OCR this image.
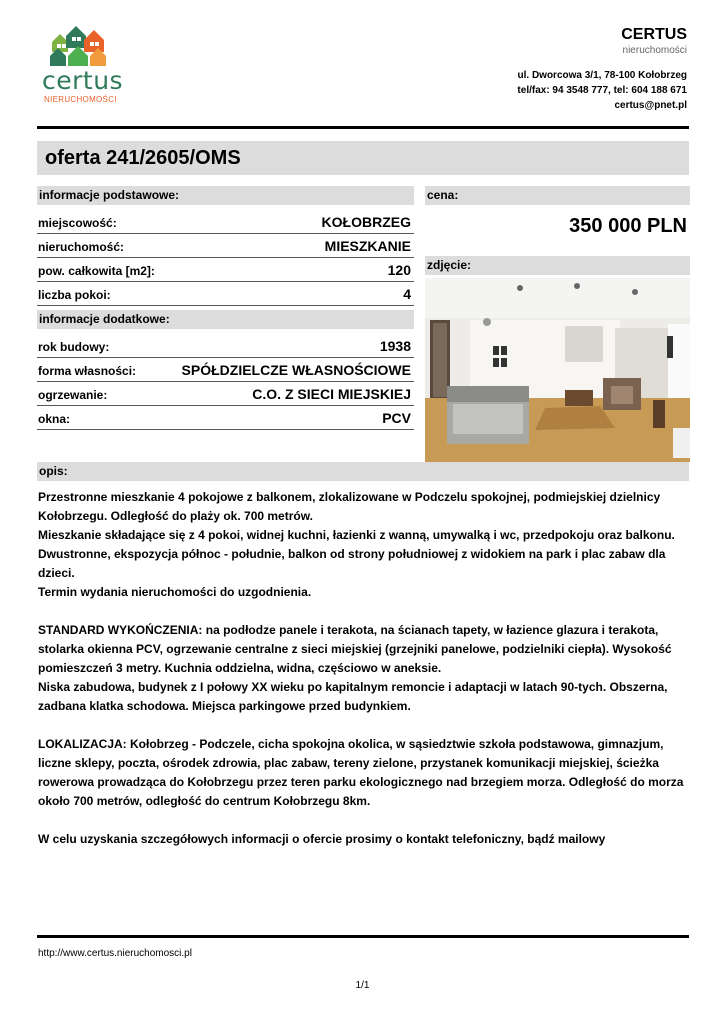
certus
NIERUCHOMOŚCI
CERTUS
nieruchomości
ul. Dworcowa 3/1, 78-100 Kołobrzeg
tel/fax: 94 3548 777, tel: 604 188 671
certus@pnet.pl
oferta 241/2605/OMS
informacje podstawowe:
miejscowość:	KOŁOBRZEG
nieruchomość:	MIESZKANIE
pow. całkowita [m2]:	120
liczba pokoi:	4
informacje dodatkowe:
rok budowy:	1938
forma własności:	SPÓŁDZIELCZE WŁASNOŚCIOWE
ogrzewanie:	C.O. Z SIECI MIEJSKIEJ
okna:	PCV
cena:
350 000 PLN
zdjęcie:
opis:

Przestronne mieszkanie 4 pokojowe z balkonem, zlokalizowane w Podczelu spokojnej, podmiejskiej dzielnicy Kołobrzegu. Odległość do plaży ok. 700 metrów.

Mieszkanie składające się z 4 pokoi, widnej kuchni, łazienki z wanną, umywalką i wc, przedpokoju oraz balkonu.

Dwustronne, ekspozycja północ - południe, balkon od strony południowej z widokiem na park i plac zabaw dla dzieci.

Termin wydania nieruchomości do uzgodnienia.

STANDARD WYKOŃCZENIA: na podłodze panele i terakota, na ścianach tapety, w łazience glazura i terakota, stolarka okienna PCV, ogrzewanie centralne z sieci miejskiej (grzejniki panelowe, podzielniki ciepła). Wysokość pomieszczeń 3 metry. Kuchnia oddzielna, widna, częściowo w aneksie.

Niska zabudowa, budynek z I połowy XX wieku po kapitalnym remoncie i adaptacji w latach 90-tych. Obszerna, zadbana klatka schodowa. Miejsca parkingowe przed budynkiem.

LOKALIZACJA: Kołobrzeg - Podczele, cicha spokojna okolica, w sąsiedztwie szkoła podstawowa, gimnazjum, liczne sklepy, poczta, ośrodek zdrowia, plac zabaw, tereny zielone, przystanek komunikacji miejskiej, ścieżka rowerowa prowadząca do Kołobrzegu przez teren parku ekologicznego nad brzegiem morza. Odległość do morza około 700 metrów, odległość do centrum Kołobrzegu 8km.

W celu uzyskania szczegółowych informacji o ofercie prosimy o kontakt telefoniczny, bądź mailowy

http://www.certus.nieruchomosci.pl
1/1
